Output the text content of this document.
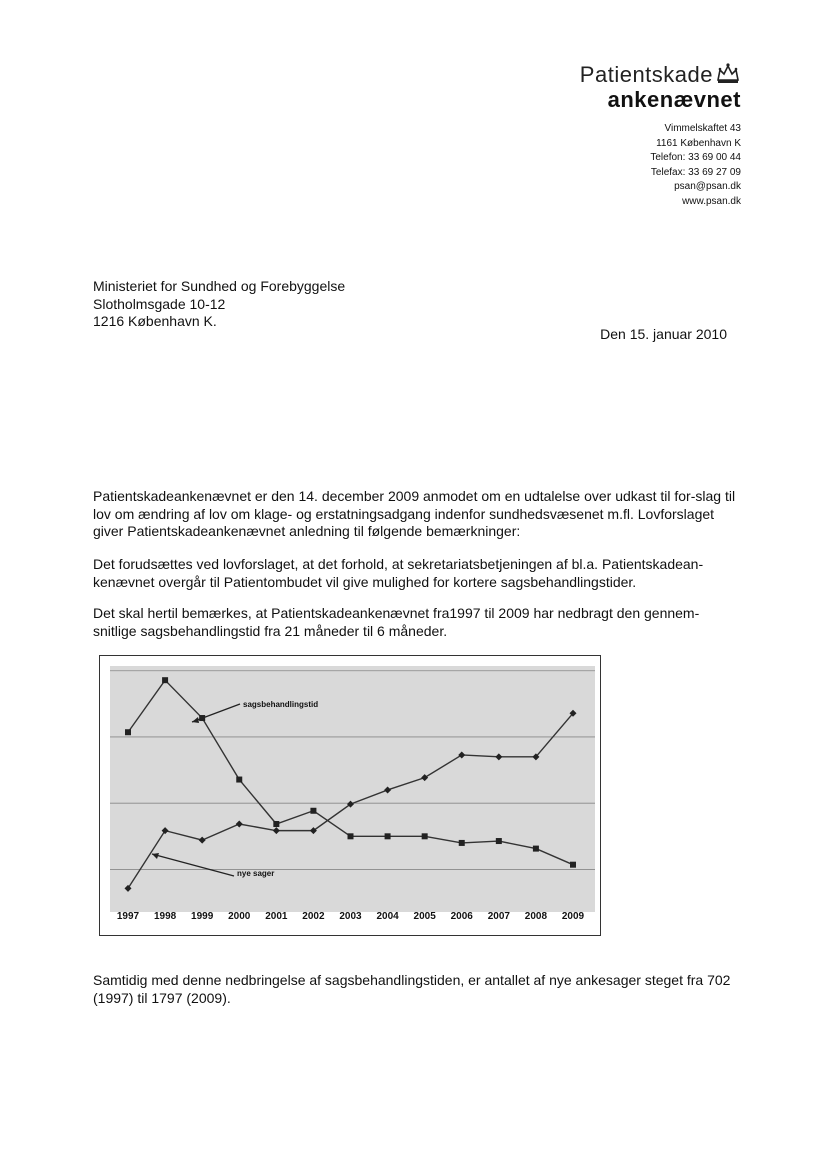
Patientskade
ankenævnet
Vimmelskaftet 43
1161 København K
Telefon: 33 69 00 44
Telefax: 33 69 27 09
psan@psan.dk
www.psan.dk
Ministeriet for Sundhed og Forebyggelse
Slotholmsgade 10-12
1216 København K.
Den 15. januar 2010
Patientskadeankenævnet er den 14. december 2009 anmodet om en udtalelse over udkast til for-slag til lov om ændring af lov om klage- og erstatningsadgang indenfor sundhedsvæsenet m.fl. Lovforslaget giver Patientskadeankenævnet anledning til følgende bemærkninger:
Det forudsættes ved lovforslaget, at det forhold, at sekretariatsbetjeningen af bl.a. Patientskadean-kenævnet overgår til Patientombudet vil give mulighed for kortere sagsbehandlingstider.
Det skal hertil bemærkes, at Patientskadeankenævnet fra1997 til 2009 har nedbragt den gennem-snitlige sagsbehandlingstid fra 21 måneder til 6 måneder.
1997 1998 1999 2000 2001 2002 2003 2004 2005 2006 2007 2008 2009
sagsbehandlingstid
nye sager
Samtidig med denne nedbringelse af sagsbehandlingstiden, er antallet af nye ankesager steget fra 702 (1997) til 1797 (2009).
